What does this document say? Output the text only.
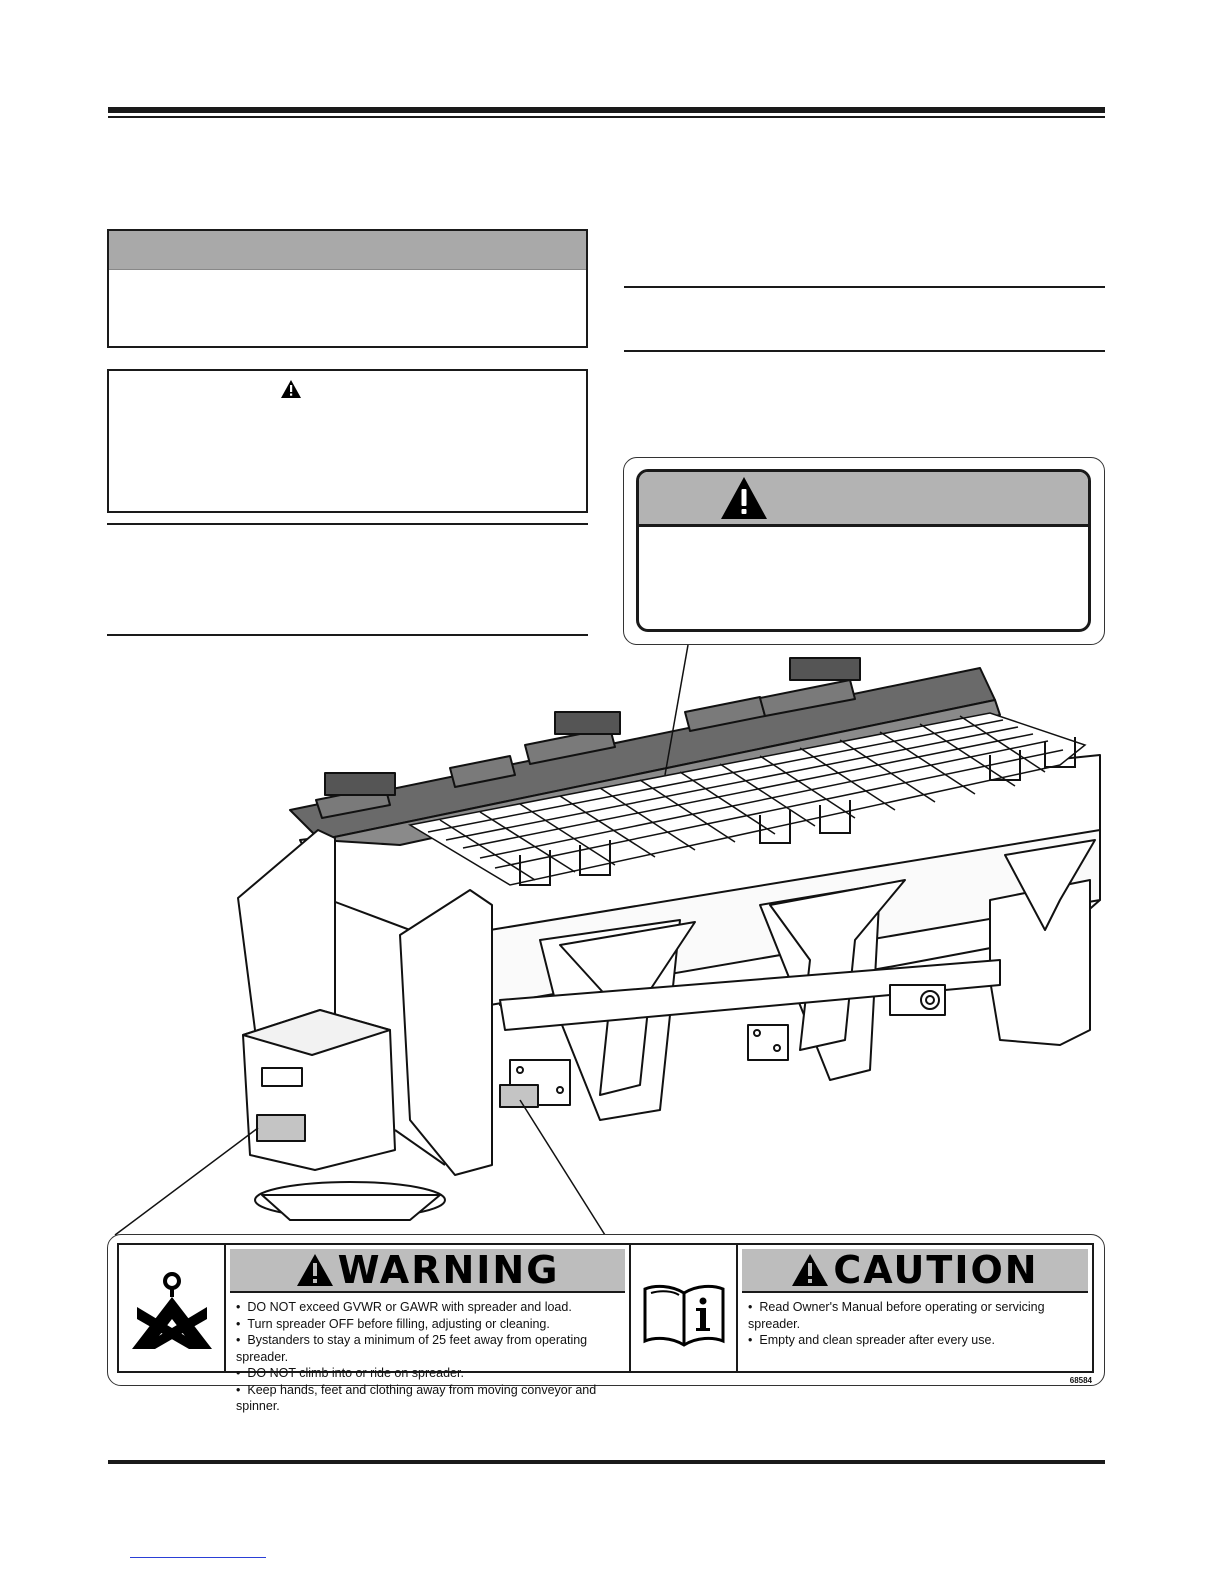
WARNING
• DO NOT exceed GVWR or GAWR with spreader and load.
• Turn spreader OFF before filling, adjusting or cleaning.
• Bystanders to stay a minimum of 25 feet away from operating spreader.
• DO NOT climb into or ride on spreader.
• Keep hands, feet and clothing away from moving conveyor and spinner.
CAUTION
• Read Owner's Manual before operating or servicing spreader.
• Empty and clean spreader after every use.
68584
